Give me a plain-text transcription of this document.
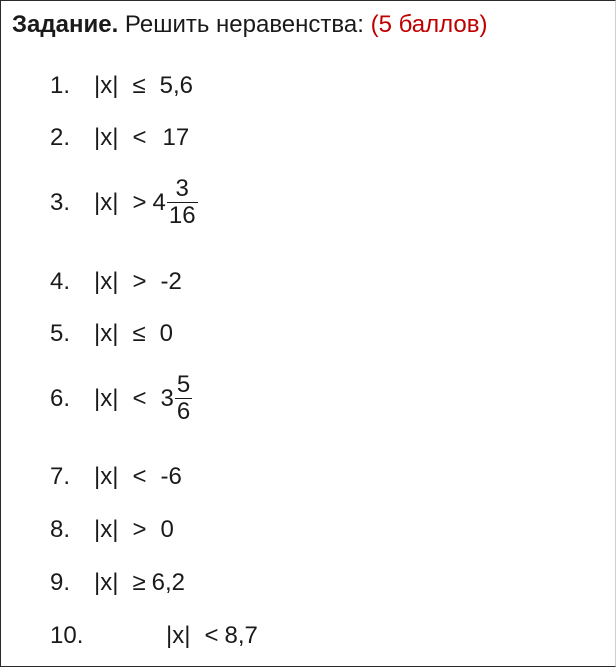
Задание. Решить неравенства: (5 баллов)
1. |x| ≤ 5,6
2. |x| < 17
3. $|x| > 4 \frac{3}{16}$
4. |x| > -2
5. |x| ≤ 0
6. $|x| < 3 \frac{5}{6}$
7. |x| < -6
8. |x| > 0
9. |x| ≥ 6,2
10.	|x| < 8,7
